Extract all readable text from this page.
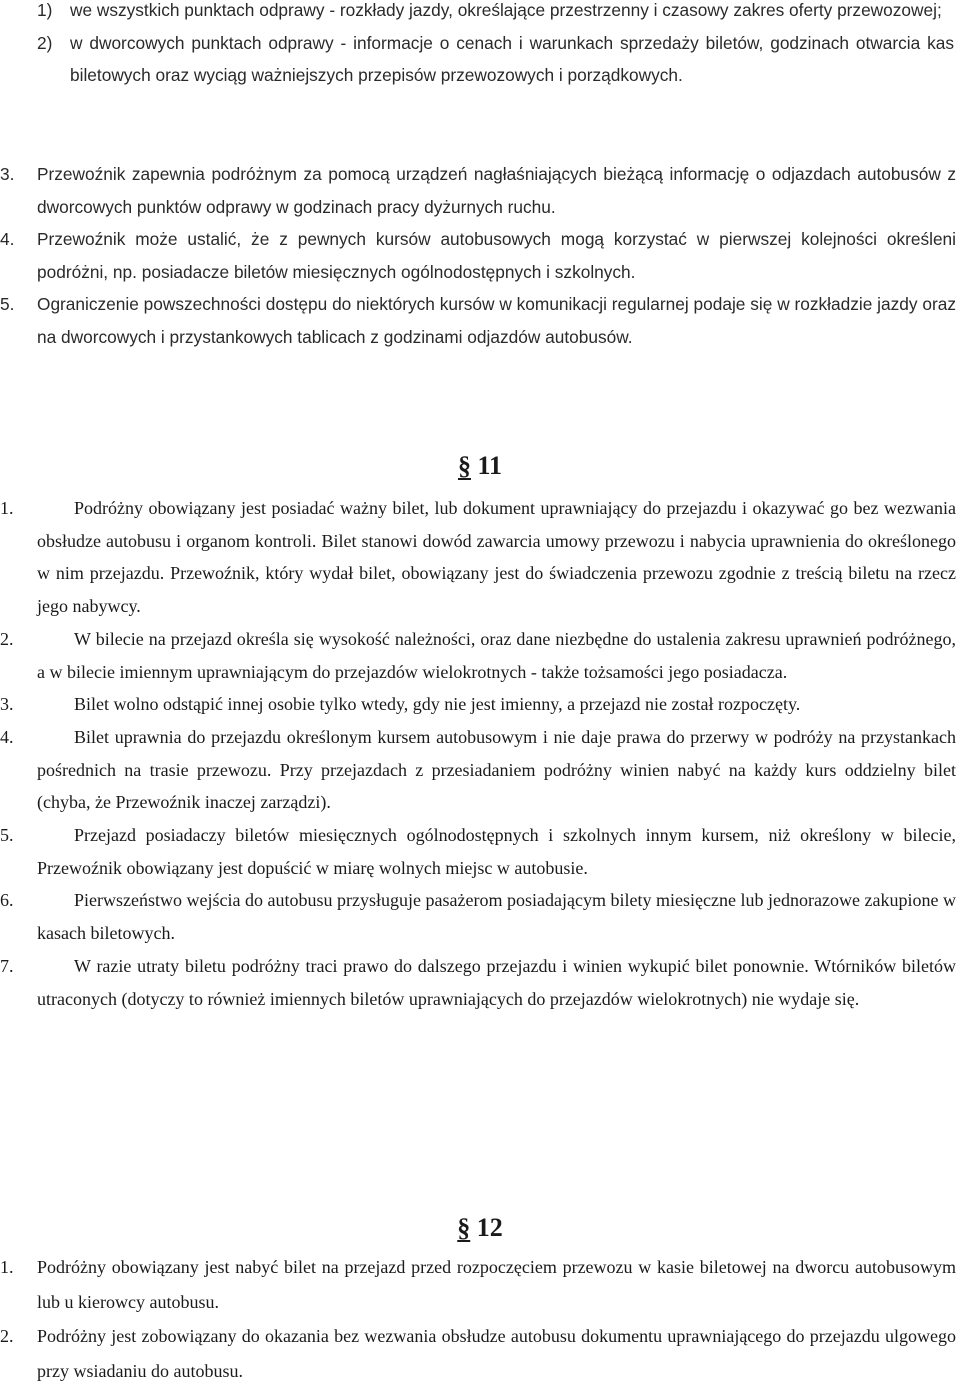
1) we wszystkich punktach odprawy - rozkłady jazdy, określające przestrzenny i czasowy zakres oferty przewozowej;

2) w dworcowych punktach odprawy - informacje o cenach i warunkach sprzedaży biletów, godzinach otwarcia kas biletowych oraz wyciąg ważniejszych przepisów przewozowych i porządkowych.

3. Przewoźnik zapewnia podróżnym za pomocą urządzeń nagłaśniających bieżącą informację o odjazdach autobusów z dworcowych punktów odprawy w godzinach pracy dyżurnych ruchu.

4. Przewoźnik może ustalić, że z pewnych kursów autobusowych mogą korzystać w pierwszej kolejności określeni podróżni, np. posiadacze biletów miesięcznych ogólnodostępnych i szkolnych.

5. Ograniczenie powszechności dostępu do niektórych kursów w komunikacji regularnej podaje się w rozkładzie jazdy oraz na dworcowych i przystankowych tablicach z godzinami odjazdów autobusów.

§ 11

1.	Podróżny obowiązany jest posiadać ważny bilet, lub dokument uprawniający do przejazdu i okazywać go bez wezwania obsłudze autobusu i organom kontroli. Bilet stanowi dowód zawarcia umowy przewozu i nabycia uprawnienia do określonego w nim przejazdu. Przewoźnik, który wydał bilet, obowiązany jest do świadczenia przewozu zgodnie z treścią biletu na rzecz jego nabywcy.

2.	W bilecie na przejazd określa się wysokość należności, oraz dane niezbędne do ustalenia zakresu uprawnień podróżnego, a w bilecie imiennym uprawniającym do przejazdów wielokrotnych - także tożsamości jego posiadacza.

3.	Bilet wolno odstąpić innej osobie tylko wtedy, gdy nie jest imienny, a przejazd nie został rozpoczęty.

4.	Bilet uprawnia do przejazdu określonym kursem autobusowym i nie daje prawa do przerwy w podróży na przystankach pośrednich na trasie przewozu. Przy przejazdach z przesiadaniem podróżny winien nabyć na każdy kurs oddzielny bilet (chyba, że Przewoźnik inaczej zarządzi).

5.	Przejazd posiadaczy biletów miesięcznych ogólnodostępnych i szkolnych innym kursem, niż określony w bilecie, Przewoźnik obowiązany jest dopuścić w miarę wolnych miejsc w autobusie.

6.	Pierwszeństwo wejścia do autobusu przysługuje pasażerom posiadającym bilety miesięczne lub jednorazowe zakupione w kasach biletowych.

7.	W razie utraty biletu podróżny traci prawo do dalszego przejazdu i winien wykupić bilet ponownie. Wtórników biletów utraconych (dotyczy to również imiennych biletów uprawniających do przejazdów wielokrotnych) nie wydaje się.

§ 12

1. Podróżny obowiązany jest nabyć bilet na przejazd przed rozpoczęciem przewozu w kasie biletowej na dworcu autobusowym lub u kierowcy autobusu.

2. Podróżny jest zobowiązany do okazania bez wezwania obsłudze autobusu dokumentu uprawniającego do przejazdu ulgowego przy wsiadaniu do autobusu.
